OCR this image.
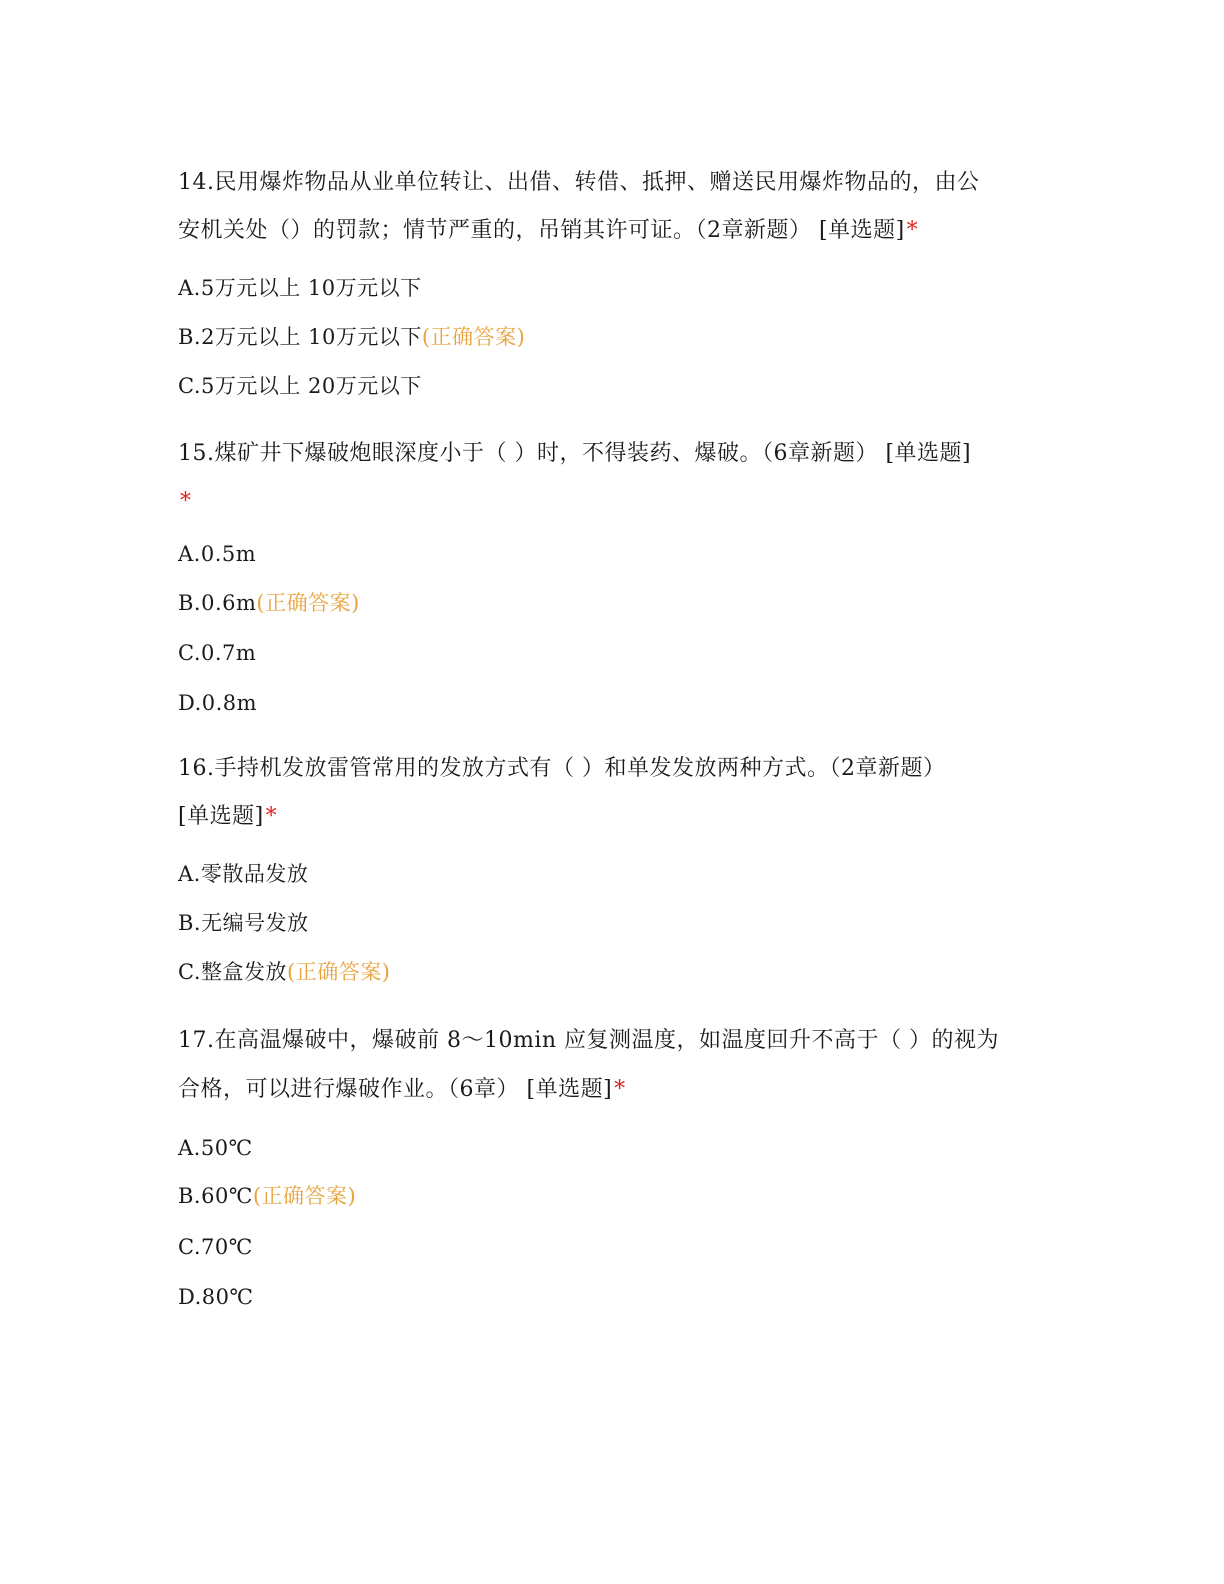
14.民用爆炸物品从业单位转让、出借、转借、抵押、赠送民用爆炸物品的，由公
安机关处（）的罚款；情节严重的，吊销其许可证。（2章新题） [单选题]*
A.5万元以上 10万元以下
B.2万元以上 10万元以下(正确答案)
C.5万元以上 20万元以下
15.煤矿井下爆破炮眼深度小于（ ）时，不得装药、爆破。（6章新题） [单选题]
*
A.0.5m
B.0.6m(正确答案)
C.0.7m
D.0.8m
16.手持机发放雷管常用的发放方式有（ ）和单发发放两种方式。（2章新题）
[单选题]*
A.零散品发放
B.无编号发放
C.整盒发放(正确答案)
17.在高温爆破中，爆破前 8～10min 应复测温度，如温度回升不高于（ ）的视为
合格，可以进行爆破作业。（6章） [单选题]*
A.50℃
B.60℃(正确答案)
C.70℃
D.80℃
